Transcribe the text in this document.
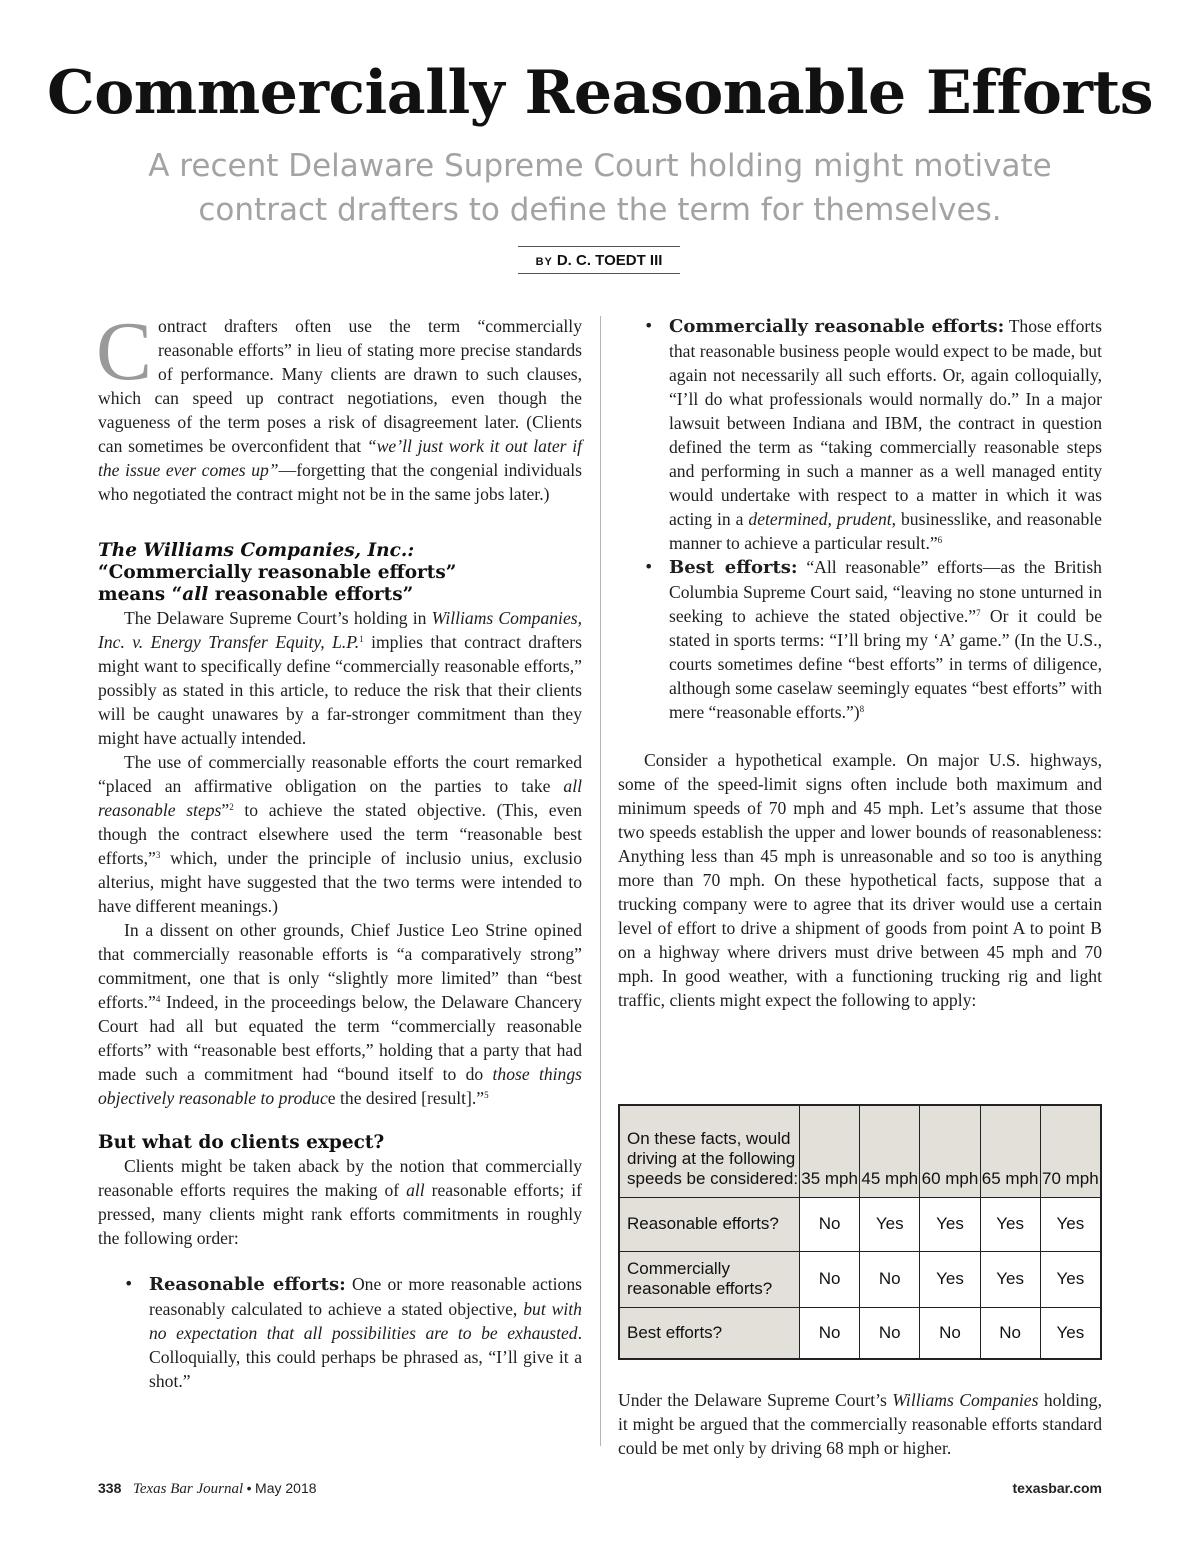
Commercially Reasonable Efforts
A recent Delaware Supreme Court holding might motivate
contract drafters to define the term for themselves.
BY D. C. TOEDT III

Contract drafters often use the term “commercially reasonable efforts” in lieu of stating more precise standards of performance. Many clients are drawn to such clauses, which can speed up contract negotiations, even though the vagueness of the term poses a risk of disagreement later. (Clients can sometimes be overconfident that “we’ll just work it out later if the issue ever comes up”—forgetting that the congenial individuals who negotiated the contract might not be in the same jobs later.)

The Williams Companies, Inc.:
“Commercially reasonable efforts”
means “all reasonable efforts”

The Delaware Supreme Court’s holding in Williams Companies, Inc. v. Energy Transfer Equity, L.P.$^1$ implies that contract drafters might want to specifically define “commercially reasonable efforts,” possibly as stated in this article, to reduce the risk that their clients will be caught unawares by a far-stronger commitment than they might have actually intended.

The use of commercially reasonable efforts the court remarked “placed an affirmative obligation on the parties to take all reasonable steps”$^2$ to achieve the stated objective. (This, even though the contract elsewhere used the term “reasonable best efforts,”$^3$ which, under the principle of inclusio unius, exclusio alterius, might have suggested that the two terms were intended to have different meanings.)

In a dissent on other grounds, Chief Justice Leo Strine opined that commercially reasonable efforts is “a comparatively strong” commitment, one that is only “slightly more limited” than “best efforts.”$^4$ Indeed, in the proceedings below, the Delaware Chancery Court had all but equated the term “commercially reasonable efforts” with “reasonable best efforts,” holding that a party that had made such a commitment had “bound itself to do those things objectively reasonable to produce the desired [result].”$^5$

But what do clients expect?

Clients might be taken aback by the notion that commercially reasonable efforts requires the making of all reasonable efforts; if pressed, many clients might rank efforts commitments in roughly the following order:

• Reasonable efforts: One or more reasonable actions reasonably calculated to achieve a stated objective, but with no expectation that all possibilities are to be exhausted. Colloquially, this could perhaps be phrased as, “I’ll give it a shot.”

• Commercially reasonable efforts: Those efforts that reasonable business people would expect to be made, but again not necessarily all such efforts. Or, again colloquially, “I’ll do what professionals would normally do.” In a major lawsuit between Indiana and IBM, the contract in question defined the term as “taking commercially reasonable steps and performing in such a manner as a well managed entity would undertake with respect to a matter in which it was acting in a determined, prudent, businesslike, and reasonable manner to achieve a particular result.”$^6$

• Best efforts: “All reasonable” efforts—as the British Columbia Supreme Court said, “leaving no stone unturned in seeking to achieve the stated objective.”$^7$ Or it could be stated in sports terms: “I’ll bring my ‘A’ game.” (In the U.S., courts sometimes define “best efforts” in terms of diligence, although some caselaw seemingly equates “best efforts” with mere “reasonable efforts.”)$^8$

Consider a hypothetical example. On major U.S. highways, some of the speed-limit signs often include both maximum and minimum speeds of 70 mph and 45 mph. Let’s assume that those two speeds establish the upper and lower bounds of reasonableness: Anything less than 45 mph is unreasonable and so too is anything more than 70 mph. On these hypothetical facts, suppose that a trucking company were to agree that its driver would use a certain level of effort to drive a shipment of goods from point A to point B on a highway where drivers must drive between 45 mph and 70 mph. In good weather, with a functioning trucking rig and light traffic, clients might expect the following to apply:

On these facts, would
driving at the following
speeds be considered:	35 mph	45 mph	60 mph	65 mph	70 mph

Reasonable efforts?	No	Yes	Yes	Yes	Yes

Commercially
reasonable efforts?	No	No	Yes	Yes	Yes

Best efforts?	No	No	No	No	Yes

Under the Delaware Supreme Court’s Williams Companies holding, it might be argued that the commercially reasonable efforts standard could be met only by driving 68 mph or higher.

338 Texas Bar Journal • May 2018	texasbar.com
